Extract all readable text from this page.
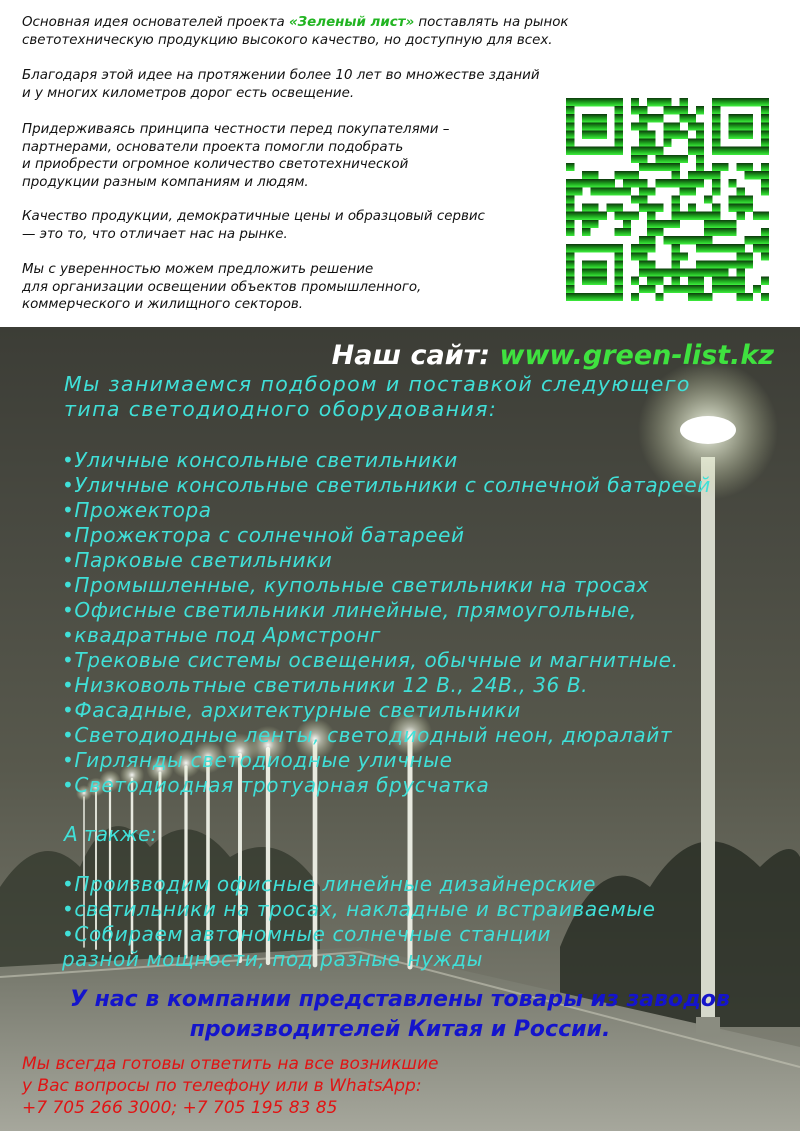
Основная идея основателей проекта «Зеленый лист» поставлять на рынок
светотехническую продукцию высокого качество, но доступную для всех.

Благодаря этой идее на протяжении более 10 лет во множестве зданий
и у многих километров дорог есть освещение.

Придерживаясь принципа честности перед покупателями –
партнерами, основатели проекта помогли подобрать
и приобрести огромное количество светотехнической
продукции разным компаниям и людям.

Качество продукции, демократичные цены и образцовый сервис
— это то, что отличает нас на рынке.

Мы с уверенностью можем предложить решение
для организации освещении объектов промышленного,
коммерческого и жилищного секторов.

Наш сайт: www.green-list.kz
Мы занимаемся подбором и поставкой следующего
типа светодиодного оборудования:
•Уличные консольные светильники
•Уличные консольные светильники с солнечной батареей
•Прожектора
•Прожектора с солнечной батареей
•Парковые светильники
•Промышленные, купольные светильники на тросах
•Офисные светильники линейные, прямоугольные,
•квадратные под Армстронг
•Трековые системы освещения, обычные и магнитные.
•Низковольтные светильники 12 В., 24В., 36 В.
•Фасадные, архитектурные светильники
•Светодиодные ленты, светодиодный неон, дюралайт
•Гирлянды светодиодные уличные
•Светодиодная тротуарная брусчатка
А также:
•Производим офисные линейные дизайнерские
•светильники на тросах, накладные и встраиваемые
•Собираем автономные солнечные станции
разной мощности, под разные нужды
У нас в компании представлены товары из заводов
производителей Китая и России.
Мы всегда готовы ответить на все возникшие
у Вас вопросы по телефону или в WhatsApp:
+7 705 266 3000; +7 705 195 83 85
